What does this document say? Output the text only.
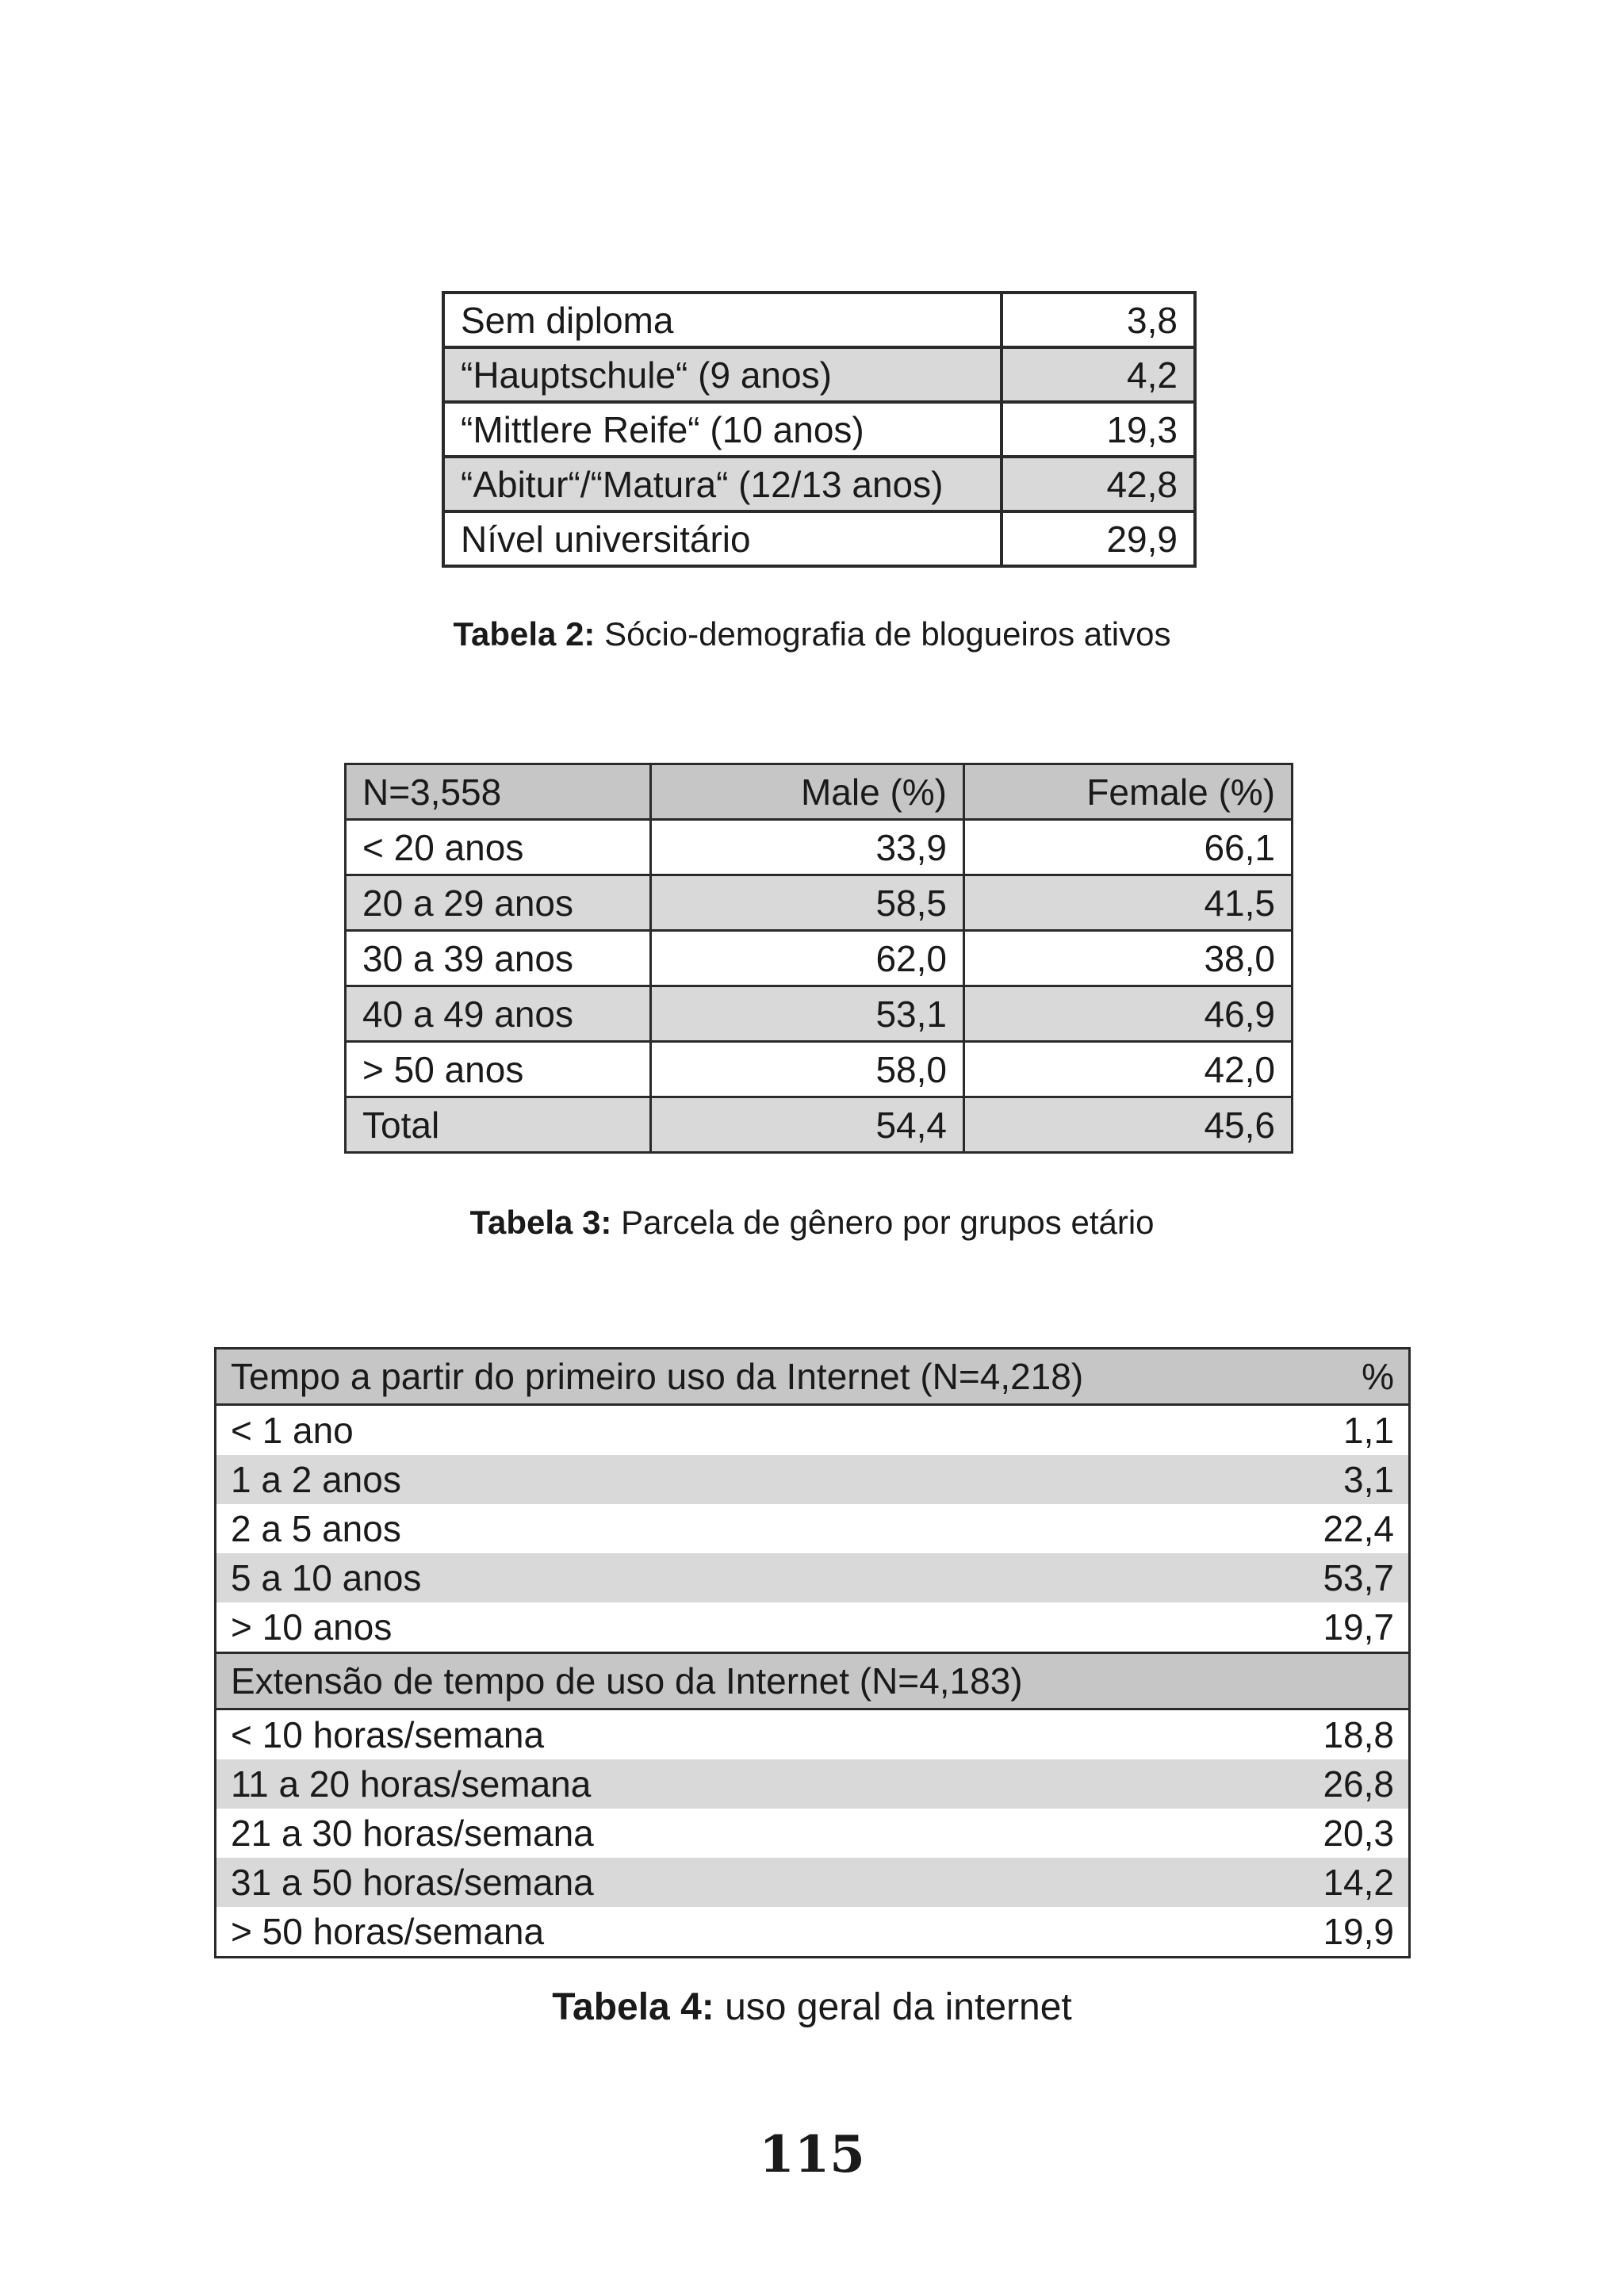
Sem diploma	3,8
“Hauptschule“ (9 anos)	4,2
“Mittlere Reife“ (10 anos)	19,3
“Abitur“/“Matura“ (12/13 anos)	42,8
Nível universitário	29,9
Tabela 2: Sócio-demografia de blogueiros ativos
N=3,558	Male (%)	Female (%)
< 20 anos	33,9	66,1
20 a 29 anos	58,5	41,5
30 a 39 anos	62,0	38,0
40 a 49 anos	53,1	46,9
> 50 anos	58,0	42,0
Total	54,4	45,6
Tabela 3: Parcela de gênero por grupos etário
Tempo a partir do primeiro uso da Internet (N=4,218)	%
< 1 ano	1,1
1 a 2 anos	3,1
2 a 5 anos	22,4
5 a 10 anos	53,7
> 10 anos	19,7
Extensão de tempo de uso da Internet (N=4,183)	
< 10 horas/semana	18,8
11 a 20 horas/semana	26,8
21 a 30 horas/semana	20,3
31 a 50 horas/semana	14,2
> 50 horas/semana	19,9
Tabela 4: uso geral da internet
115
